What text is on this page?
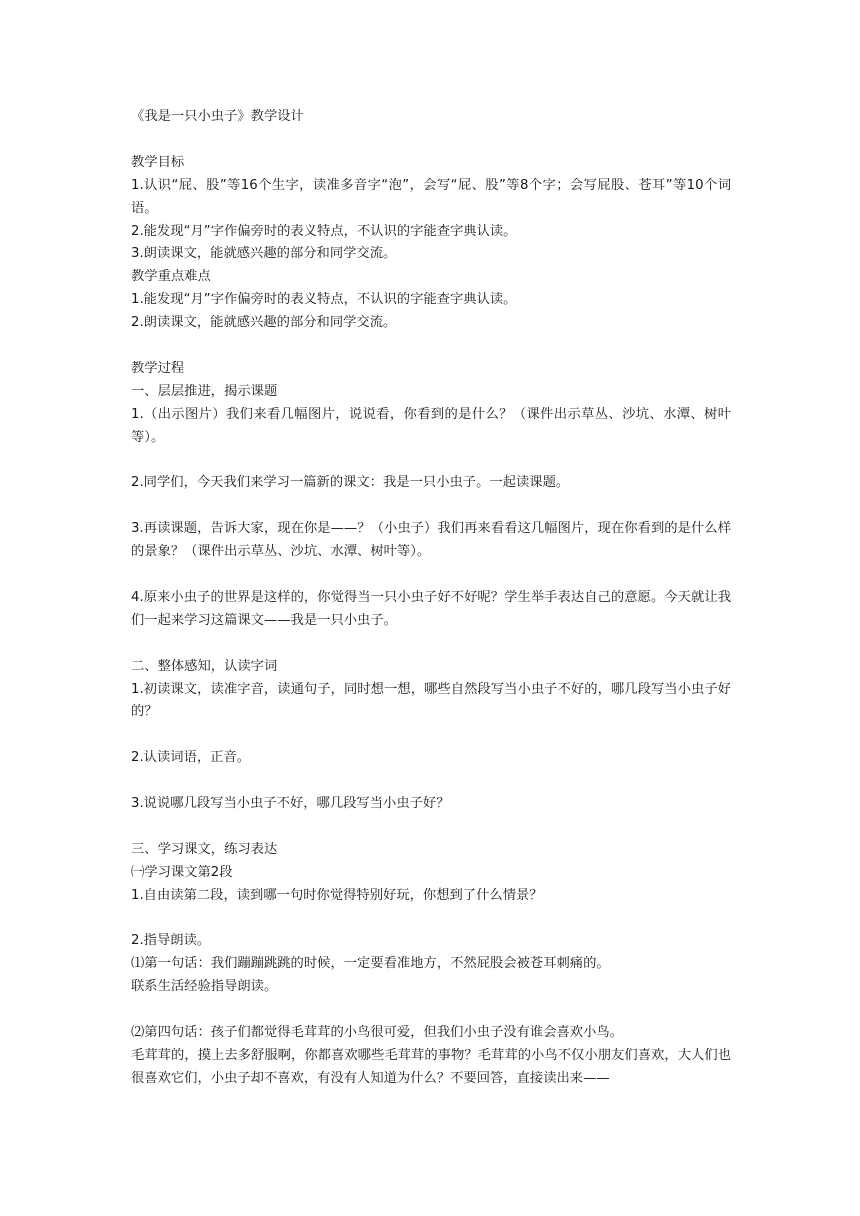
《我是一只小虫子》教学设计
教学目标
1.认识“屁、股”等16个生字，读准多音字“泡”，会写“屁、股”等8个字；会写屁股、苍耳”等10个词语。
2.能发现“月”字作偏旁时的表义特点，不认识的字能查字典认读。
3.朗读课文，能就感兴趣的部分和同学交流。
教学重点难点
1.能发现“月”字作偏旁时的表义特点，不认识的字能查字典认读。
2.朗读课文，能就感兴趣的部分和同学交流。
教学过程
一、层层推进，揭示课题
1.（出示图片）我们来看几幅图片，说说看，你看到的是什么？（课件出示草丛、沙坑、水潭、树叶等）。
2.同学们，今天我们来学习一篇新的课文：我是一只小虫子。一起读课题。
3.再读课题，告诉大家，现在你是——？（小虫子）我们再来看看这几幅图片，现在你看到的是什么样的景象？（课件出示草丛、沙坑、水潭、树叶等）。
4.原来小虫子的世界是这样的，你觉得当一只小虫子好不好呢？学生举手表达自己的意愿。今天就让我们一起来学习这篇课文——我是一只小虫子。
二、整体感知，认读字词
1.初读课文，读准字音，读通句子，同时想一想，哪些自然段写当小虫子不好的，哪几段写当小虫子好的？
2.认读词语，正音。
3.说说哪几段写当小虫子不好，哪几段写当小虫子好？
三、学习课文，练习表达
㈠学习课文第2段
1.自由读第二段，读到哪一句时你觉得特别好玩，你想到了什么情景？
2.指导朗读。
⑴第一句话：我们蹦蹦跳跳的时候，一定要看准地方，不然屁股会被苍耳刺痛的。
联系生活经验指导朗读。
⑵第四句话：孩子们都觉得毛茸茸的小鸟很可爱，但我们小虫子没有谁会喜欢小鸟。
毛茸茸的，摸上去多舒服啊，你都喜欢哪些毛茸茸的事物？毛茸茸的小鸟不仅小朋友们喜欢，大人们也很喜欢它们，小虫子却不喜欢，有没有人知道为什么？不要回答，直接读出来——
